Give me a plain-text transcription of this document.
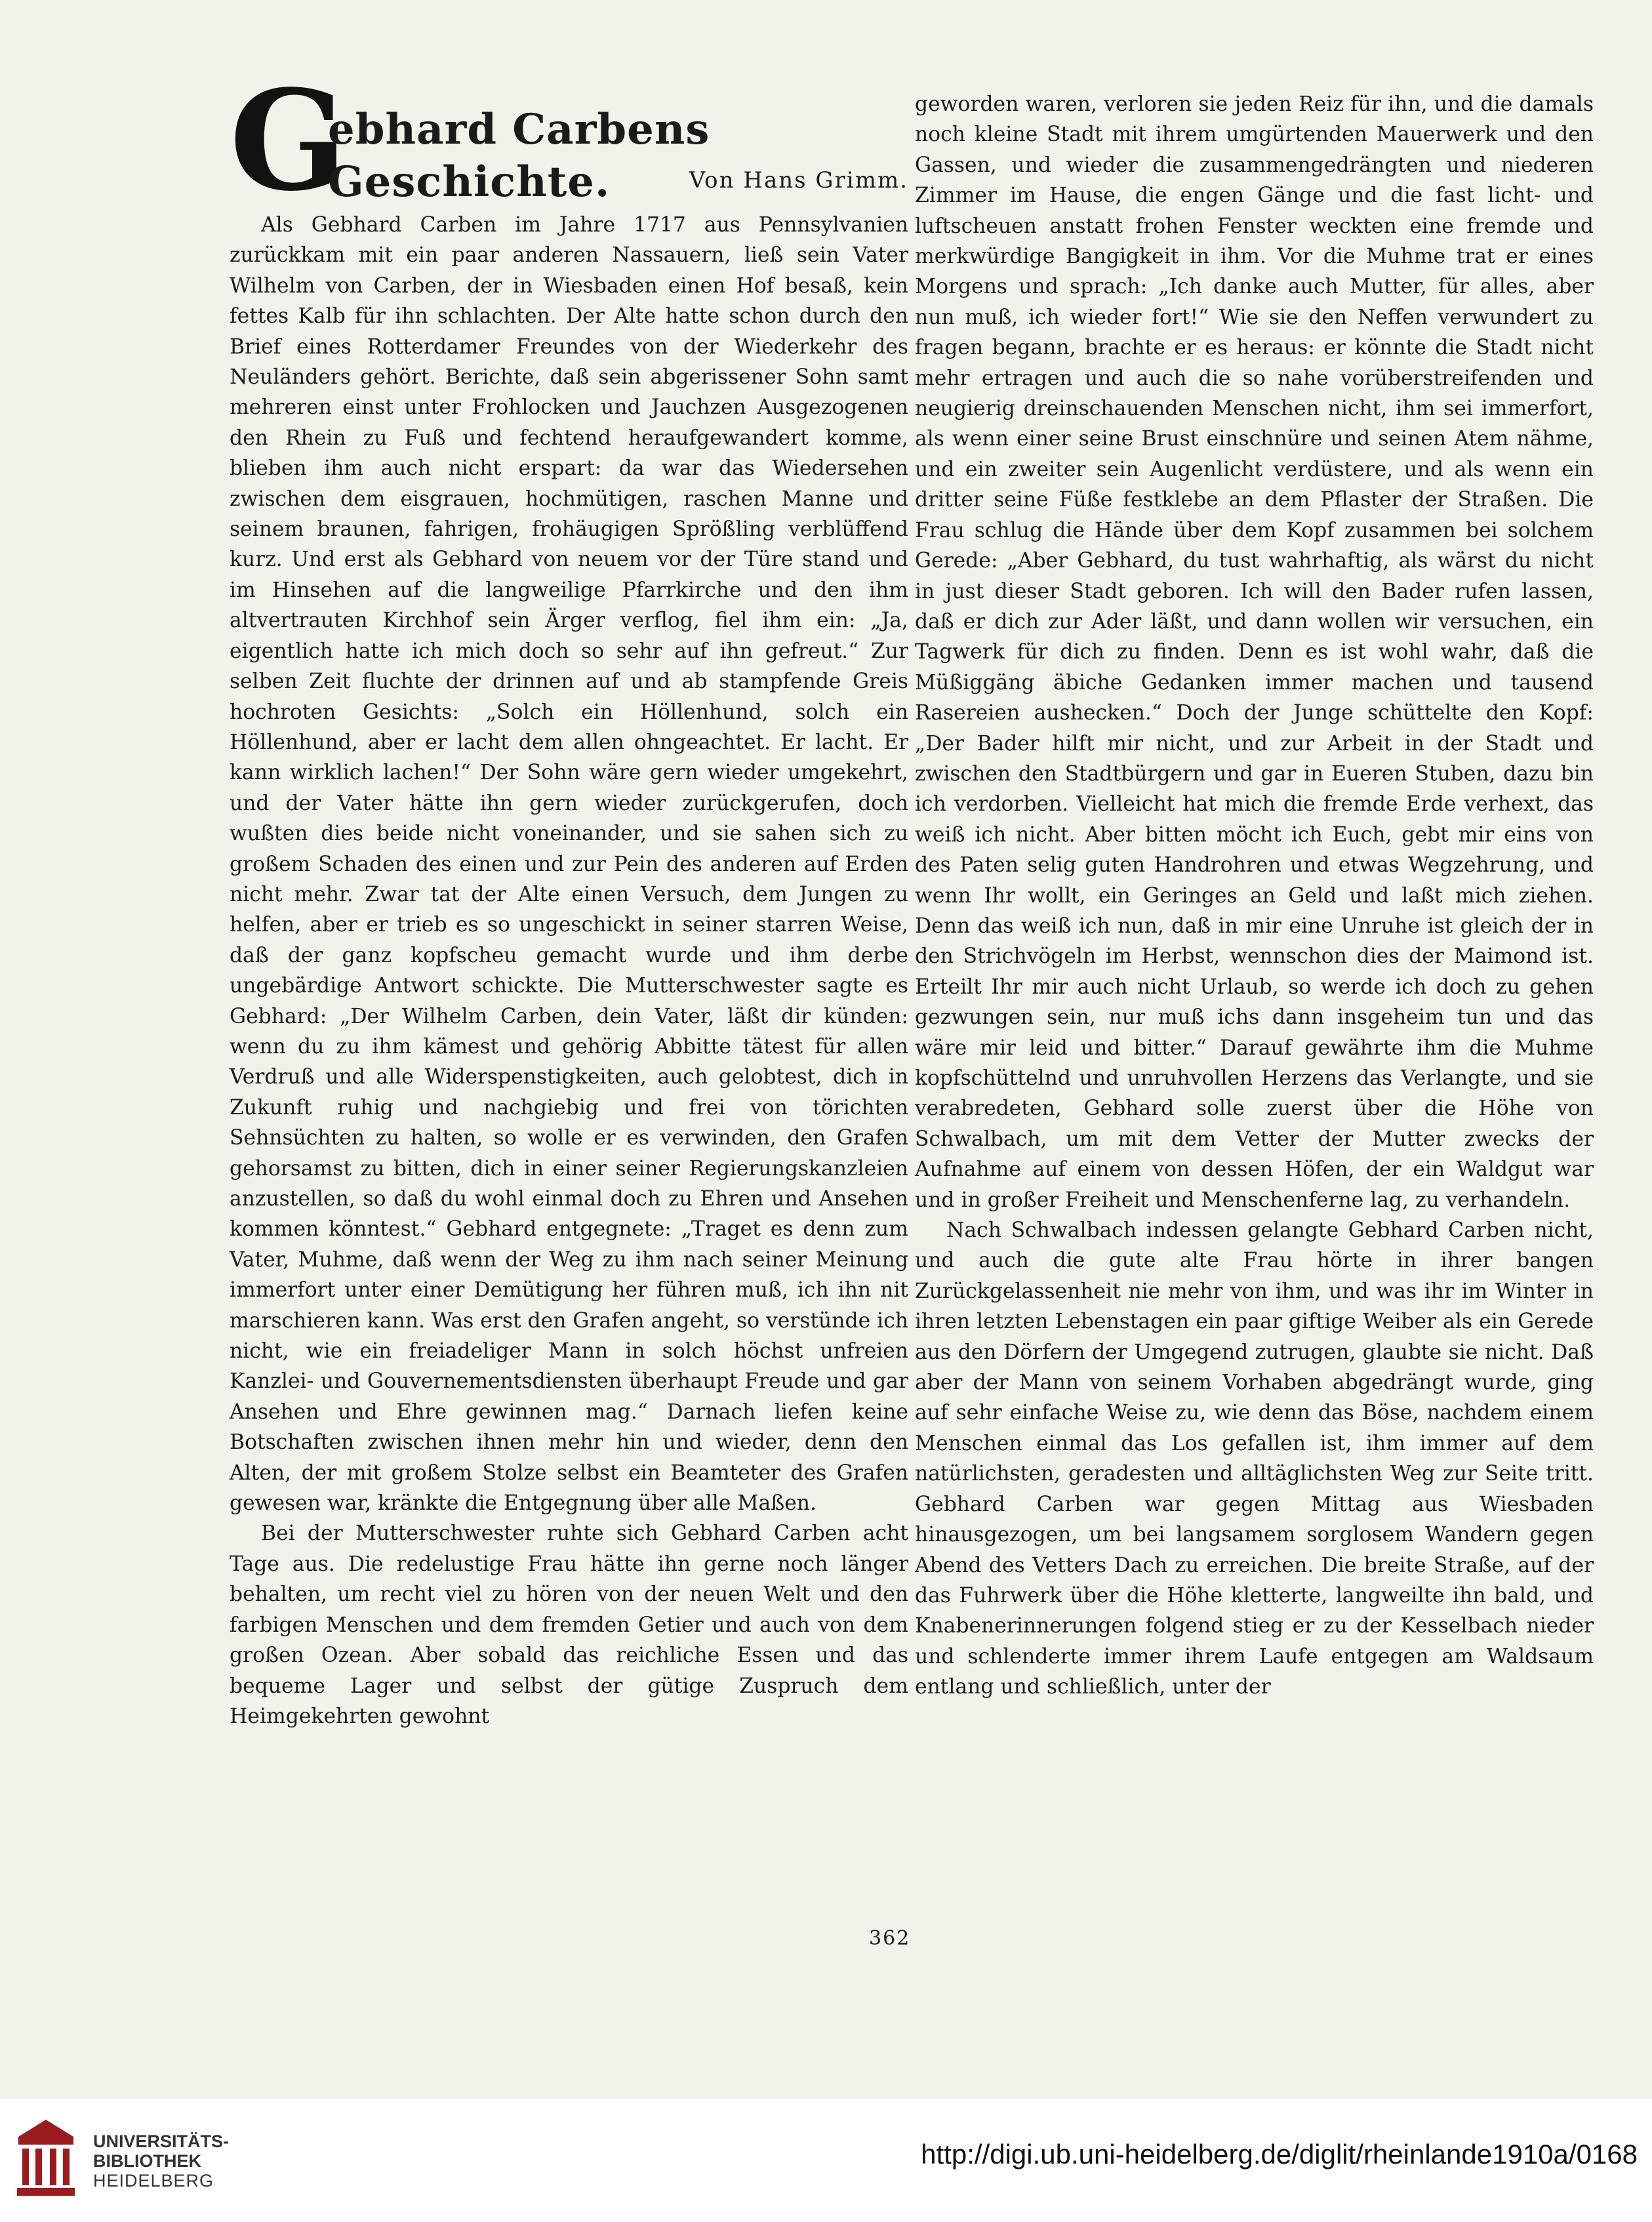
G
ebhard Carbens Geschichte.	Von Hans Grimm.

Als Gebhard Carben im Jahre 1717 aus Pennsylvanien zurückkam mit ein paar anderen Nassauern, ließ sein Vater Wilhelm von Carben, der in Wiesbaden einen Hof besaß, kein fettes Kalb für ihn schlachten. Der Alte hatte schon durch den Brief eines Rotterdamer Freundes von der Wiederkehr des Neuländers gehört. Berichte, daß sein abgerissener Sohn samt mehreren einst unter Frohlocken und Jauchzen Ausgezogenen den Rhein zu Fuß und fechtend heraufgewandert komme, blieben ihm auch nicht erspart: da war das Wiedersehen zwischen dem eisgrauen, hochmütigen, raschen Manne und seinem braunen, fahrigen, frohäugigen Sprößling verblüffend kurz. Und erst als Gebhard von neuem vor der Türe stand und im Hinsehen auf die langweilige Pfarrkirche und den ihm altvertrauten Kirchhof sein Ärger verflog, fiel ihm ein: „Ja, eigentlich hatte ich mich doch so sehr auf ihn gefreut.“ Zur selben Zeit fluchte der drinnen auf und ab stampfende Greis hochroten Gesichts: „Solch ein Höllenhund, solch ein Höllenhund, aber er lacht dem allen ohngeachtet. Er lacht. Er kann wirklich lachen!“ Der Sohn wäre gern wieder umgekehrt, und der Vater hätte ihn gern wieder zurückgerufen, doch wußten dies beide nicht voneinander, und sie sahen sich zu großem Schaden des einen und zur Pein des anderen auf Erden nicht mehr. Zwar tat der Alte einen Versuch, dem Jungen zu helfen, aber er trieb es so ungeschickt in seiner starren Weise, daß der ganz kopfscheu gemacht wurde und ihm derbe ungebärdige Antwort schickte. Die Mutterschwester sagte es Gebhard: „Der Wilhelm Carben, dein Vater, läßt dir künden: wenn du zu ihm kämest und gehörig Abbitte tätest für allen Verdruß und alle Widerspenstigkeiten, auch gelobtest, dich in Zukunft ruhig und nachgiebig und frei von törichten Sehnsüchten zu halten, so wolle er es verwinden, den Grafen gehorsamst zu bitten, dich in einer seiner Regierungskanzleien anzustellen, so daß du wohl einmal doch zu Ehren und Ansehen kommen könntest.“ Gebhard entgegnete: „Traget es denn zum Vater, Muhme, daß wenn der Weg zu ihm nach seiner Meinung immerfort unter einer Demütigung her führen muß, ich ihn nit marschieren kann. Was erst den Grafen angeht, so verstünde ich nicht, wie ein freiadeliger Mann in solch höchst unfreien Kanzlei- und Gouvernementsdiensten überhaupt Freude und gar Ansehen und Ehre gewinnen mag.“ Darnach liefen keine Botschaften zwischen ihnen mehr hin und wieder, denn den Alten, der mit großem Stolze selbst ein Beamteter des Grafen gewesen war, kränkte die Entgegnung über alle Maßen.

Bei der Mutterschwester ruhte sich Gebhard Carben acht Tage aus. Die redelustige Frau hätte ihn gerne noch länger behalten, um recht viel zu hören von der neuen Welt und den farbigen Menschen und dem fremden Getier und auch von dem großen Ozean. Aber sobald das reichliche Essen und das bequeme Lager und selbst der gütige Zuspruch dem Heimgekehrten gewohnt

geworden waren, verloren sie jeden Reiz für ihn, und die damals noch kleine Stadt mit ihrem umgürtenden Mauerwerk und den Gassen, und wieder die zusammengedrängten und niederen Zimmer im Hause, die engen Gänge und die fast licht- und luftscheuen anstatt frohen Fenster weckten eine fremde und merkwürdige Bangigkeit in ihm. Vor die Muhme trat er eines Morgens und sprach: „Ich danke auch Mutter, für alles, aber nun muß, ich wieder fort!“ Wie sie den Neffen verwundert zu fragen begann, brachte er es heraus: er könnte die Stadt nicht mehr ertragen und auch die so nahe vorüberstreifenden und neugierig dreinschauenden Menschen nicht, ihm sei immerfort, als wenn einer seine Brust einschnüre und seinen Atem nähme, und ein zweiter sein Augenlicht verdüstere, und als wenn ein dritter seine Füße festklebe an dem Pflaster der Straßen. Die Frau schlug die Hände über dem Kopf zusammen bei solchem Gerede: „Aber Gebhard, du tust wahrhaftig, als wärst du nicht in just dieser Stadt geboren. Ich will den Bader rufen lassen, daß er dich zur Ader läßt, und dann wollen wir versuchen, ein Tagwerk für dich zu finden. Denn es ist wohl wahr, daß die Müßiggäng äbiche Gedanken immer machen und tausend Rasereien aushecken.“ Doch der Junge schüttelte den Kopf: „Der Bader hilft mir nicht, und zur Arbeit in der Stadt und zwischen den Stadtbürgern und gar in Eueren Stuben, dazu bin ich verdorben. Vielleicht hat mich die fremde Erde verhext, das weiß ich nicht. Aber bitten möcht ich Euch, gebt mir eins von des Paten selig guten Handrohren und etwas Wegzehrung, und wenn Ihr wollt, ein Geringes an Geld und laßt mich ziehen. Denn das weiß ich nun, daß in mir eine Unruhe ist gleich der in den Strichvögeln im Herbst, wennschon dies der Maimond ist. Erteilt Ihr mir auch nicht Urlaub, so werde ich doch zu gehen gezwungen sein, nur muß ichs dann insgeheim tun und das wäre mir leid und bitter.“ Darauf gewährte ihm die Muhme kopfschüttelnd und unruhvollen Herzens das Verlangte, und sie verabredeten, Gebhard solle zuerst über die Höhe von Schwalbach, um mit dem Vetter der Mutter zwecks der Aufnahme auf einem von dessen Höfen, der ein Waldgut war und in großer Freiheit und Menschenferne lag, zu verhandeln.

Nach Schwalbach indessen gelangte Gebhard Carben nicht, und auch die gute alte Frau hörte in ihrer bangen Zurückgelassenheit nie mehr von ihm, und was ihr im Winter in ihren letzten Lebenstagen ein paar giftige Weiber als ein Gerede aus den Dörfern der Umgegend zutrugen, glaubte sie nicht. Daß aber der Mann von seinem Vorhaben abgedrängt wurde, ging auf sehr einfache Weise zu, wie denn das Böse, nachdem einem Menschen einmal das Los gefallen ist, ihm immer auf dem natürlichsten, geradesten und alltäglichsten Weg zur Seite tritt. Gebhard Carben war gegen Mittag aus Wiesbaden hinausgezogen, um bei langsamem sorglosem Wandern gegen Abend des Vetters Dach zu erreichen. Die breite Straße, auf der das Fuhrwerk über die Höhe kletterte, langweilte ihn bald, und Knabenerinnerungen folgend stieg er zu der Kesselbach nieder und schlenderte immer ihrem Laufe entgegen am Waldsaum entlang und schließlich, unter der

362
UNIVERSITÄTS-
BIBLIOTHEK
HEIDELBERG
http://digi.ub.uni-heidelberg.de/diglit/rheinlande1910a/0168
